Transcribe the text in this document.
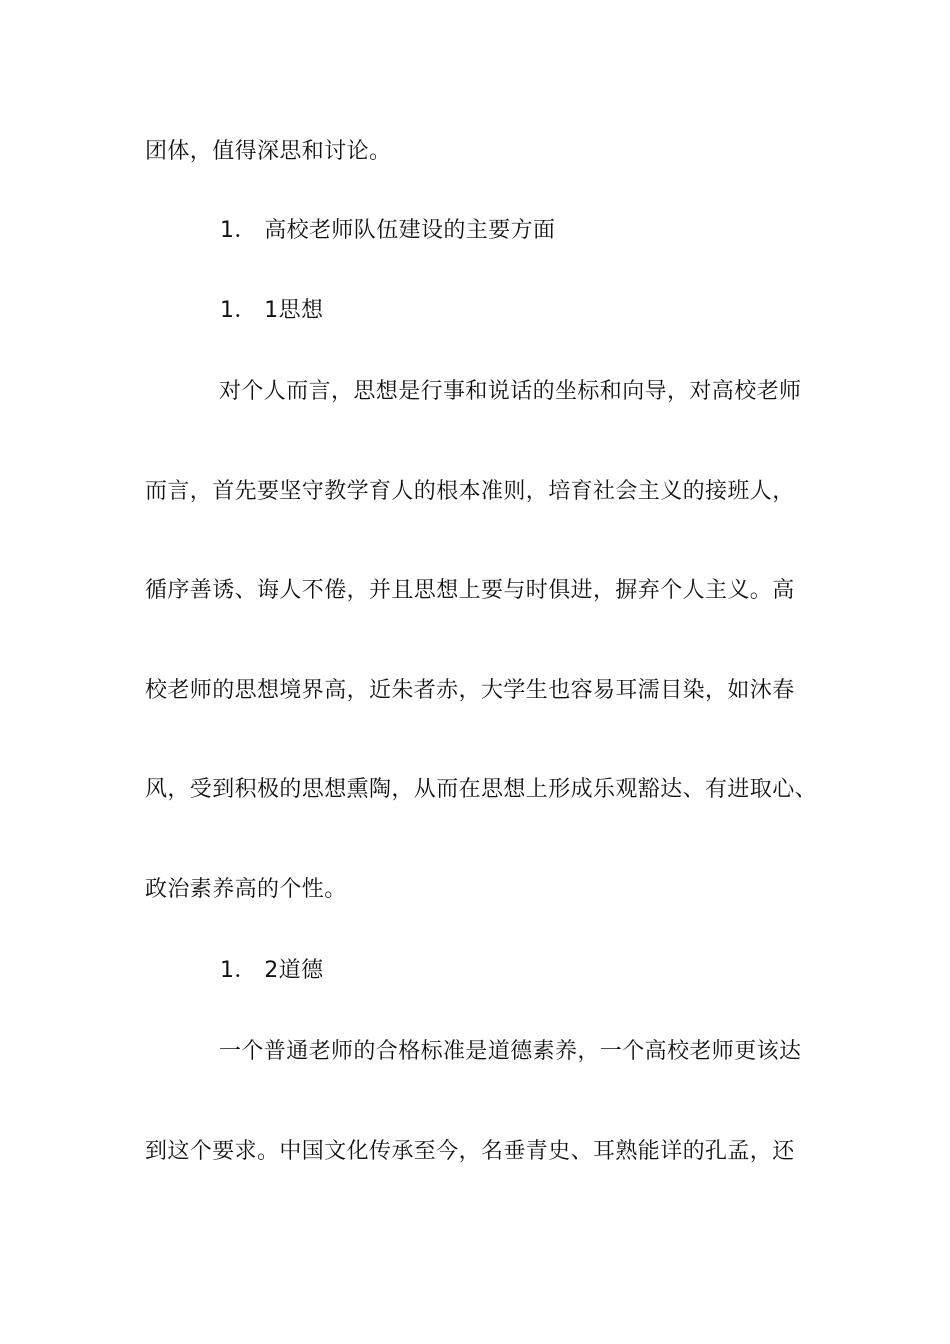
团体，值得深思和讨论。
1． 高校老师队伍建设的主要方面
1． 1思想
对个人而言，思想是行事和说话的坐标和向导，对高校老师
而言，首先要坚守教学育人的根本准则，培育社会主义的接班人，
循序善诱、诲人不倦，并且思想上要与时俱进，摒弃个人主义。高
校老师的思想境界高，近朱者赤，大学生也容易耳濡目染，如沐春
风，受到积极的思想熏陶，从而在思想上形成乐观豁达、有进取心、
政治素养高的个性。
1． 2道德
一个普通老师的合格标准是道德素养，一个高校老师更该达
到这个要求。中国文化传承至今，名垂青史、耳熟能详的孔孟，还
